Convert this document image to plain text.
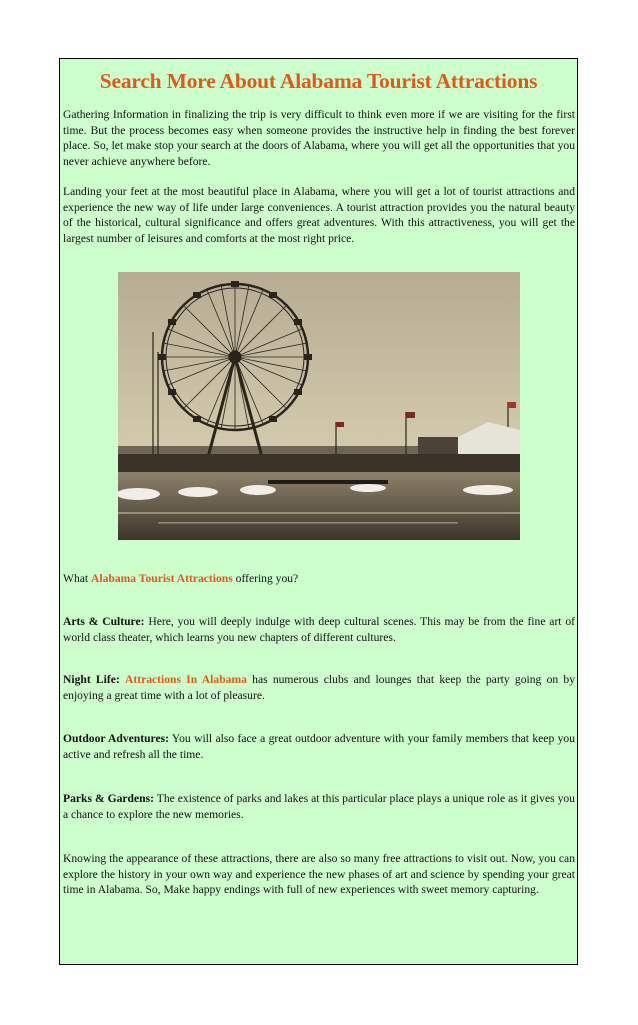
Search More About Alabama Tourist Attractions

Gathering Information in finalizing the trip is very difficult to think even more if we are visiting for the first time. But the process becomes easy when someone provides the instructive help in finding the best forever place. So, let make stop your search at the doors of Alabama, where you will get all the opportunities that you never achieve anywhere before.

Landing your feet at the most beautiful place in Alabama, where you will get a lot of tourist attractions and experience the new way of life under large conveniences. A tourist attraction provides you the natural beauty of the historical, cultural significance and offers great adventures. With this attractiveness, you will get the largest number of leisures and comforts at the most right price.

What Alabama Tourist Attractions offering you?

Arts & Culture: Here, you will deeply indulge with deep cultural scenes. This may be from the fine art of world class theater, which learns you new chapters of different cultures.

Night Life: Attractions In Alabama has numerous clubs and lounges that keep the party going on by enjoying a great time with a lot of pleasure.

Outdoor Adventures: You will also face a great outdoor adventure with your family members that keep you active and refresh all the time.

Parks & Gardens: The existence of parks and lakes at this particular place plays a unique role as it gives you a chance to explore the new memories.

Knowing the appearance of these attractions, there are also so many free attractions to visit out. Now, you can explore the history in your own way and experience the new phases of art and science by spending your great time in Alabama. So, Make happy endings with full of new experiences with sweet memory capturing.
